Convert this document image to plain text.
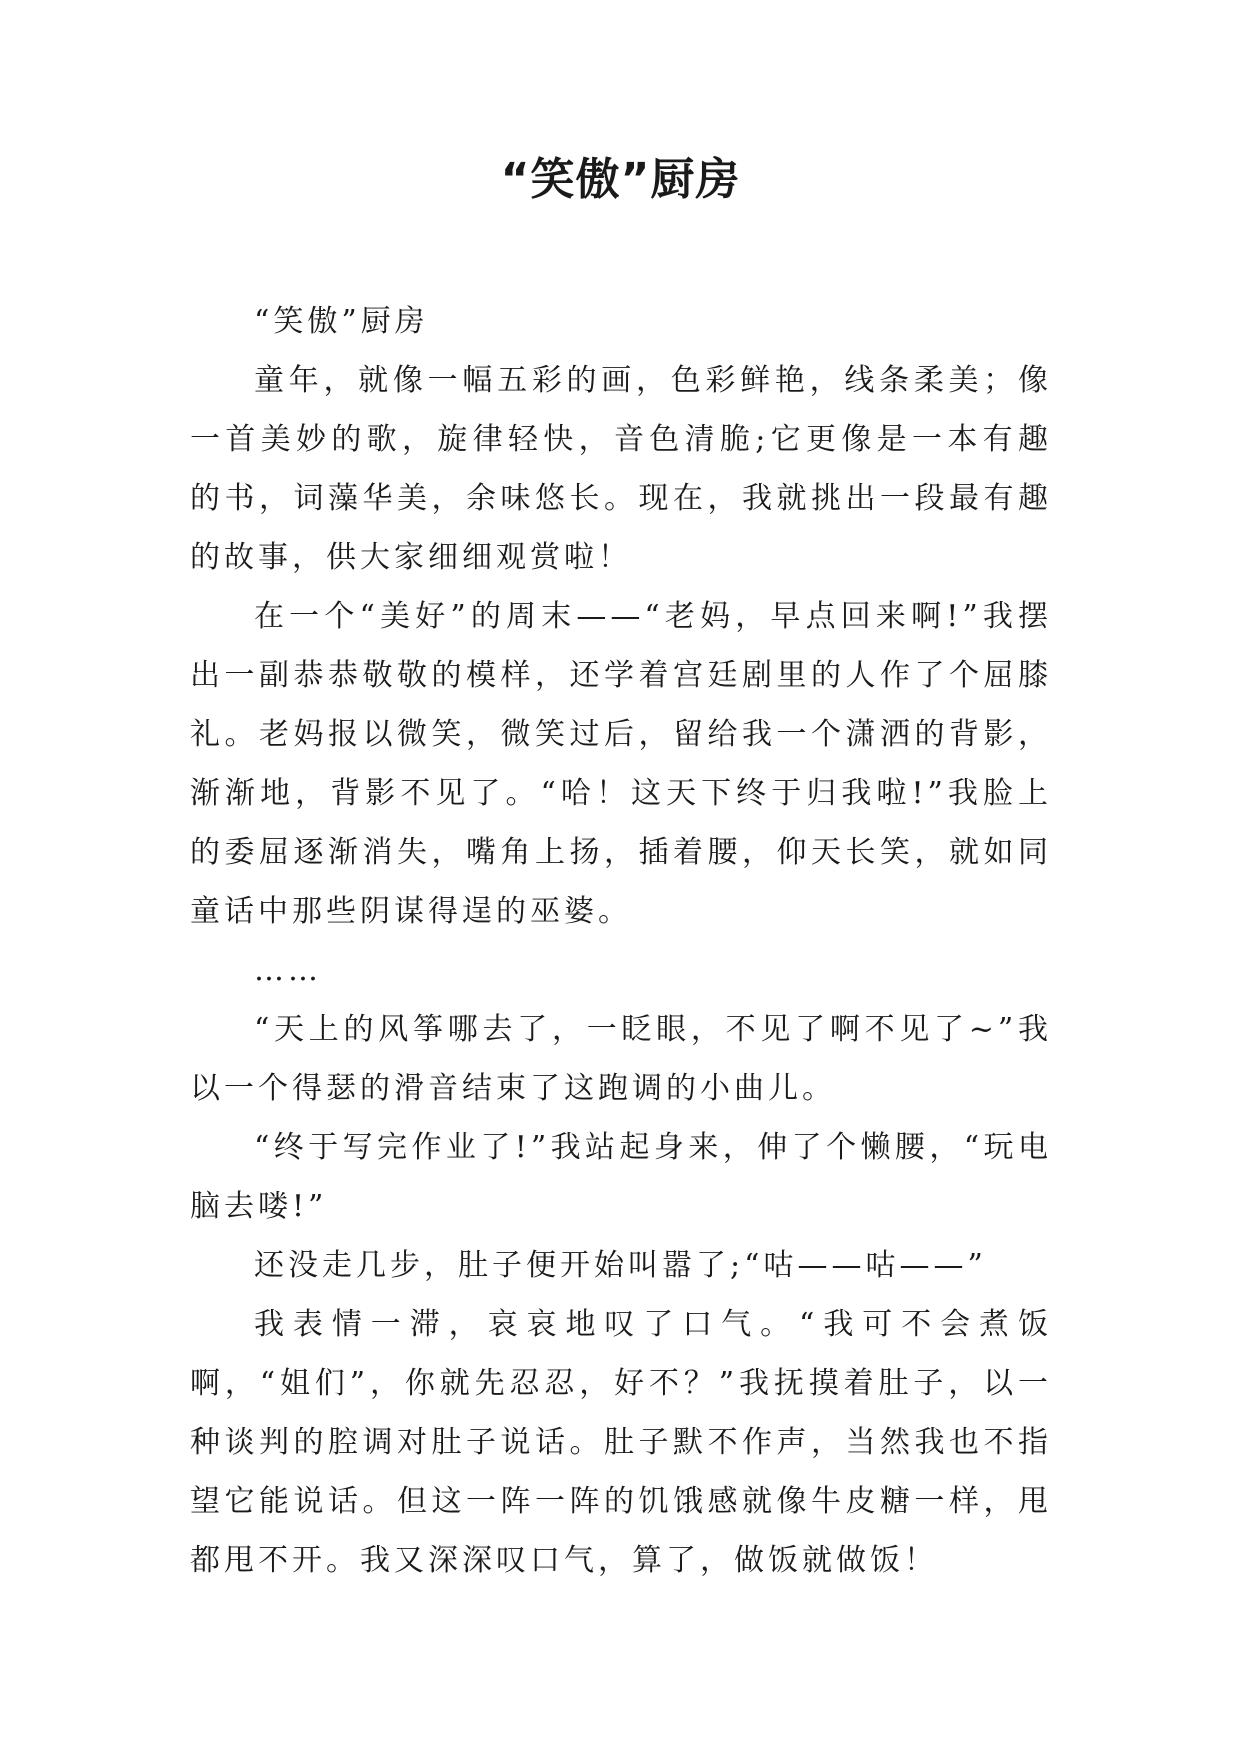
“笑傲”厨房

“笑傲”厨房

童年，就像一幅五彩的画，色彩鲜艳，线条柔美；像一首美妙的歌，旋律轻快，音色清脆;它更像是一本有趣的书，词藻华美，余味悠长。现在，我就挑出一段最有趣的故事，供大家细细观赏啦！

在一个“美好”的周末——“老妈，早点回来啊!”我摆出一副恭恭敬敬的模样，还学着宫廷剧里的人作了个屈膝礼。老妈报以微笑，微笑过后，留给我一个潇洒的背影，渐渐地，背影不见了。“哈！这天下终于归我啦!”我脸上的委屈逐渐消失，嘴角上扬，插着腰，仰天长笑，就如同童话中那些阴谋得逞的巫婆。

……

“天上的风筝哪去了，一眨眼，不见了啊不见了~”我以一个得瑟的滑音结束了这跑调的小曲儿。

“终于写完作业了!”我站起身来，伸了个懒腰，“玩电脑去喽!”

还没走几步，肚子便开始叫嚣了;“咕——咕——”

我表情一滞，哀哀地叹了口气。“我可不会煮饭啊，“姐们”，你就先忍忍，好不？”我抚摸着肚子，以一种谈判的腔调对肚子说话。肚子默不作声，当然我也不指望它能说话。但这一阵一阵的饥饿感就像牛皮糖一样，甩都甩不开。我又深深叹口气，算了，做饭就做饭！
